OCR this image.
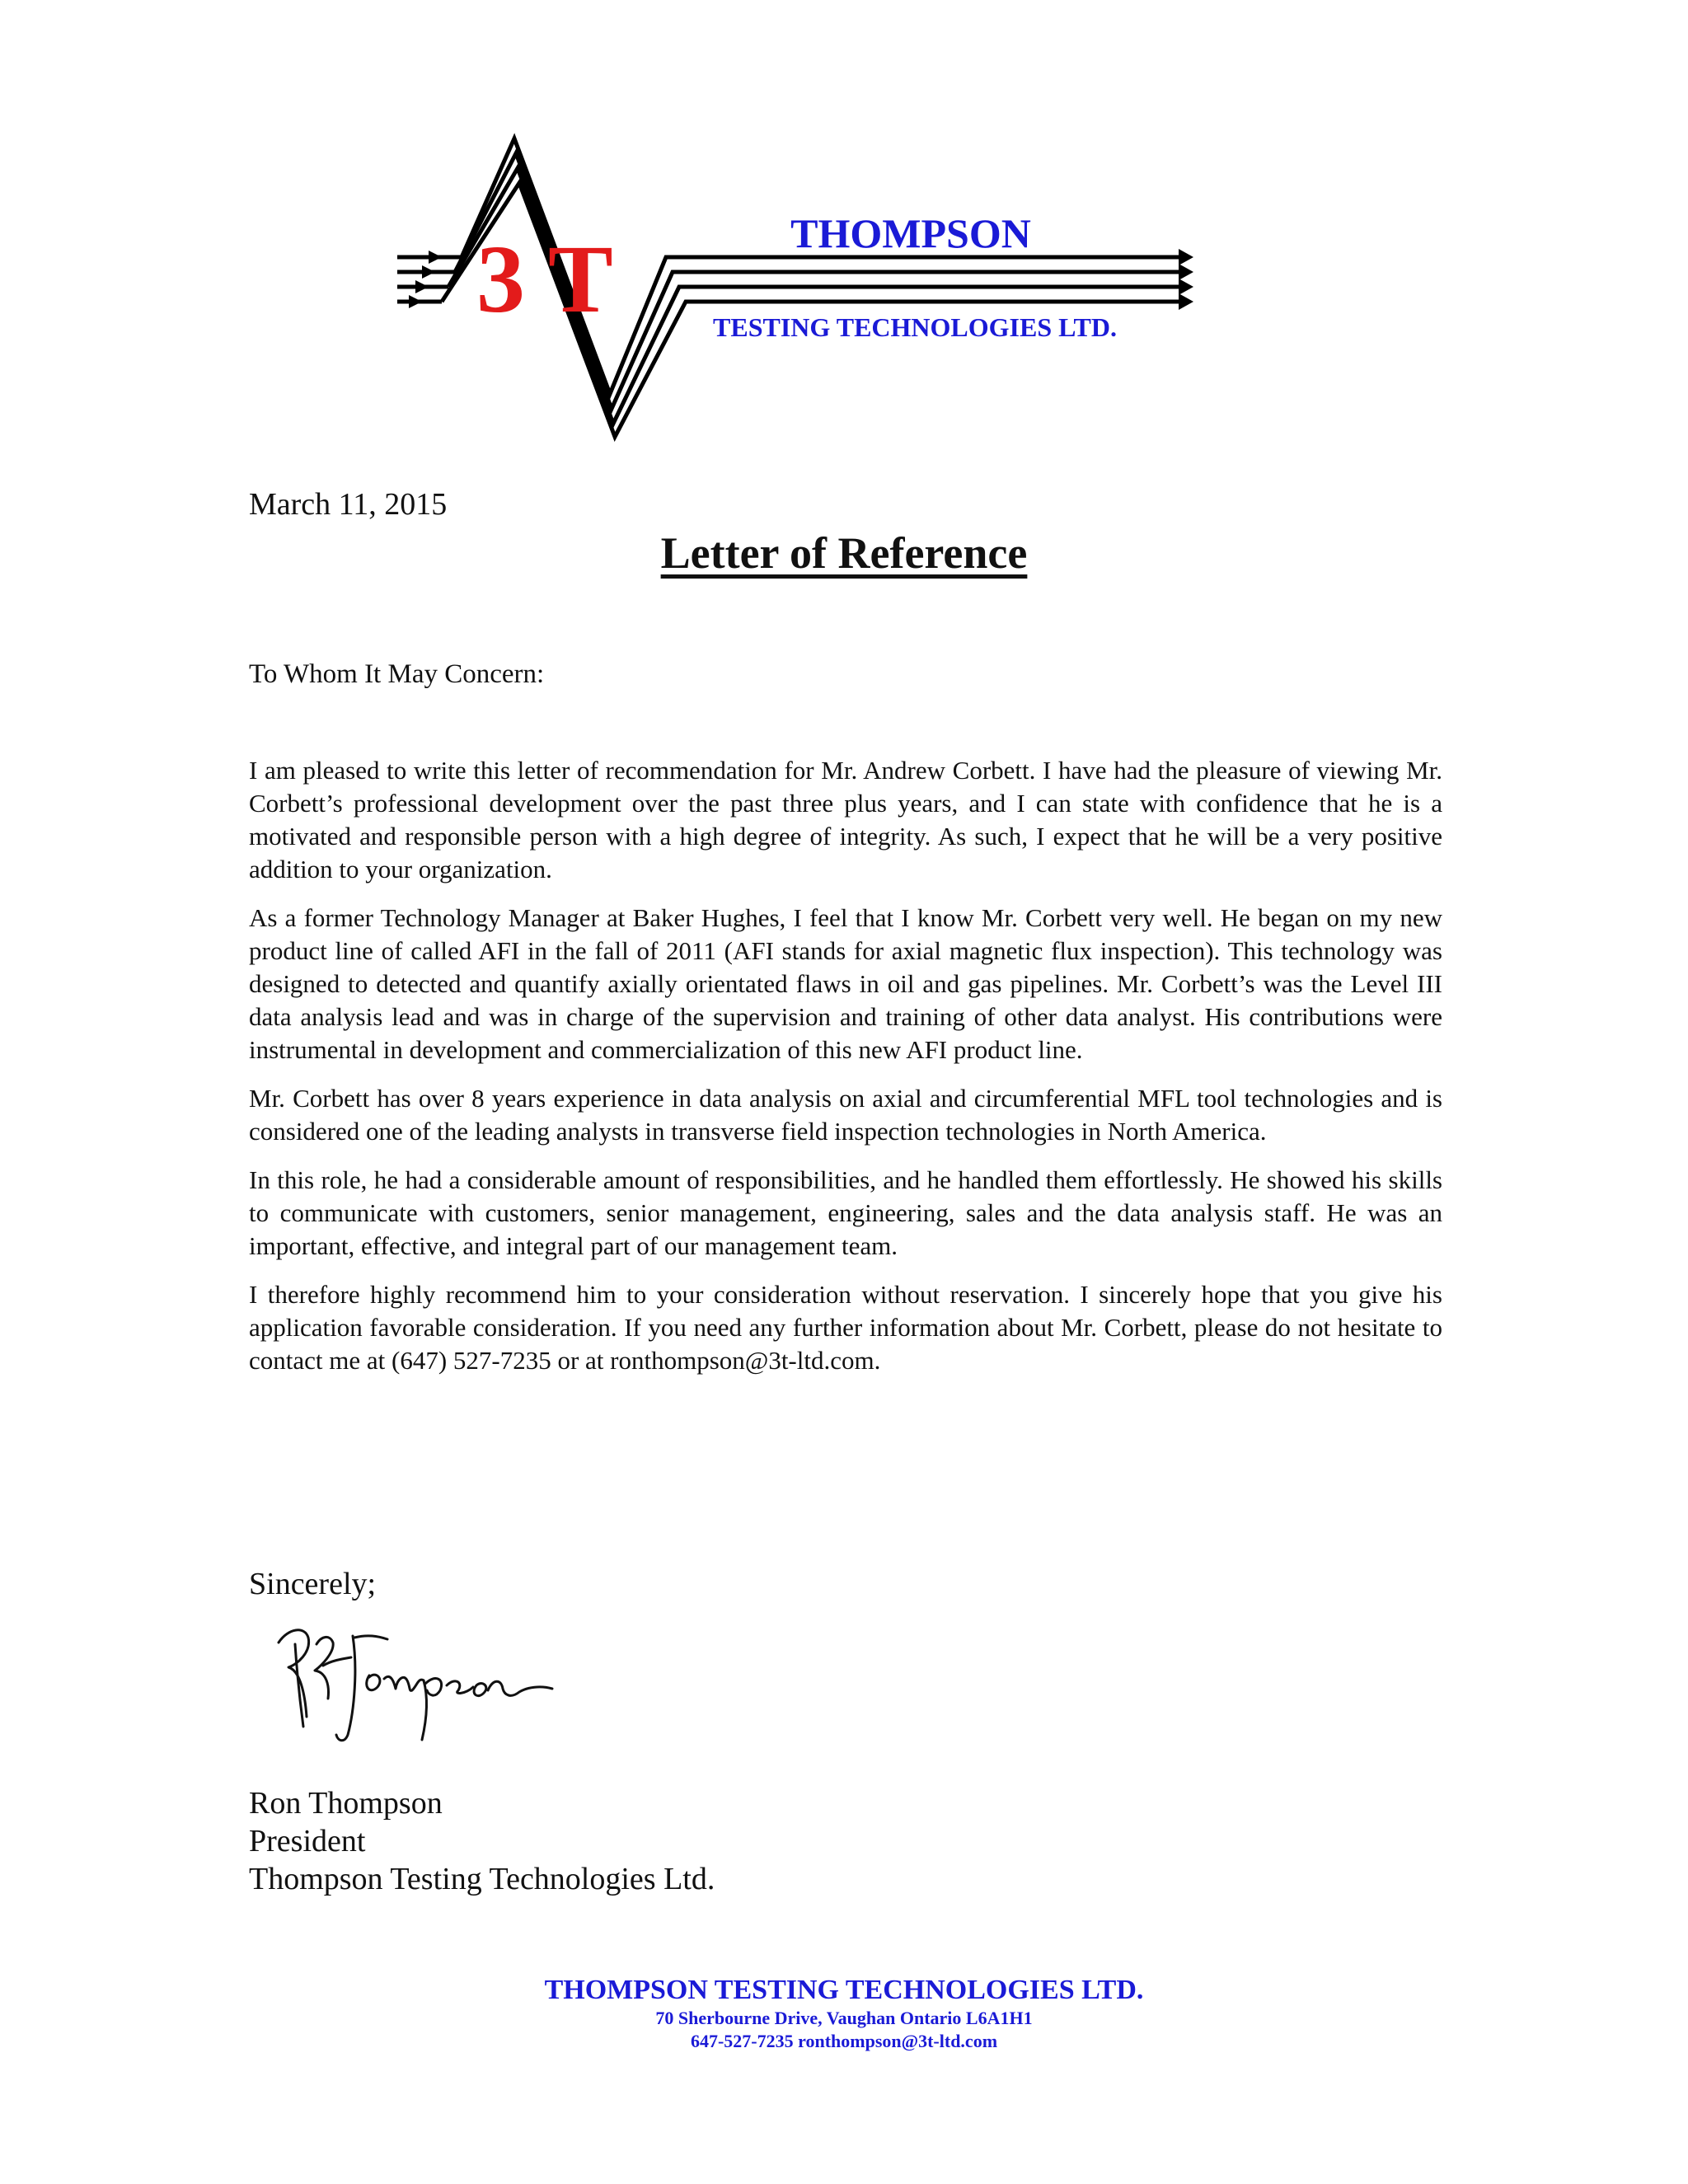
3T	THOMPSON
TESTING TECHNOLOGIES LTD.
March 11, 2015
Letter of Reference
To Whom It May Concern:

I am pleased to write this letter of recommendation for Mr. Andrew Corbett. I have had the pleasure of viewing Mr. Corbett’s professional development over the past three plus years, and I can state with confidence that he is a motivated and responsible person with a high degree of integrity. As such, I expect that he will be a very positive addition to your organization.

As a former Technology Manager at Baker Hughes, I feel that I know Mr. Corbett very well. He began on my new product line of called AFI in the fall of 2011 (AFI stands for axial magnetic flux inspection). This technology was designed to detected and quantify axially orientated flaws in oil and gas pipelines. Mr. Corbett’s was the Level III data analysis lead and was in charge of the supervision and training of other data analyst. His contributions were instrumental in development and commercialization of this new AFI product line.

Mr. Corbett has over 8 years experience in data analysis on axial and circumferential MFL tool technologies and is considered one of the leading analysts in transverse field inspection technologies in North America.

In this role, he had a considerable amount of responsibilities, and he handled them effortlessly. He showed his skills to communicate with customers, senior management, engineering, sales and the data analysis staff. He was an important, effective, and integral part of our management team.

I therefore highly recommend him to your consideration without reservation. I sincerely hope that you give his application favorable consideration. If you need any further information about Mr. Corbett, please do not hesitate to contact me at (647) 527-7235 or at ronthompson@3t-ltd.com.

Sincerely;
Ron Thompson
President
Thompson Testing Technologies Ltd.
THOMPSON TESTING TECHNOLOGIES LTD.
70 Sherbourne Drive, Vaughan Ontario L6A1H1
647-527-7235 ronthompson@3t-ltd.com
